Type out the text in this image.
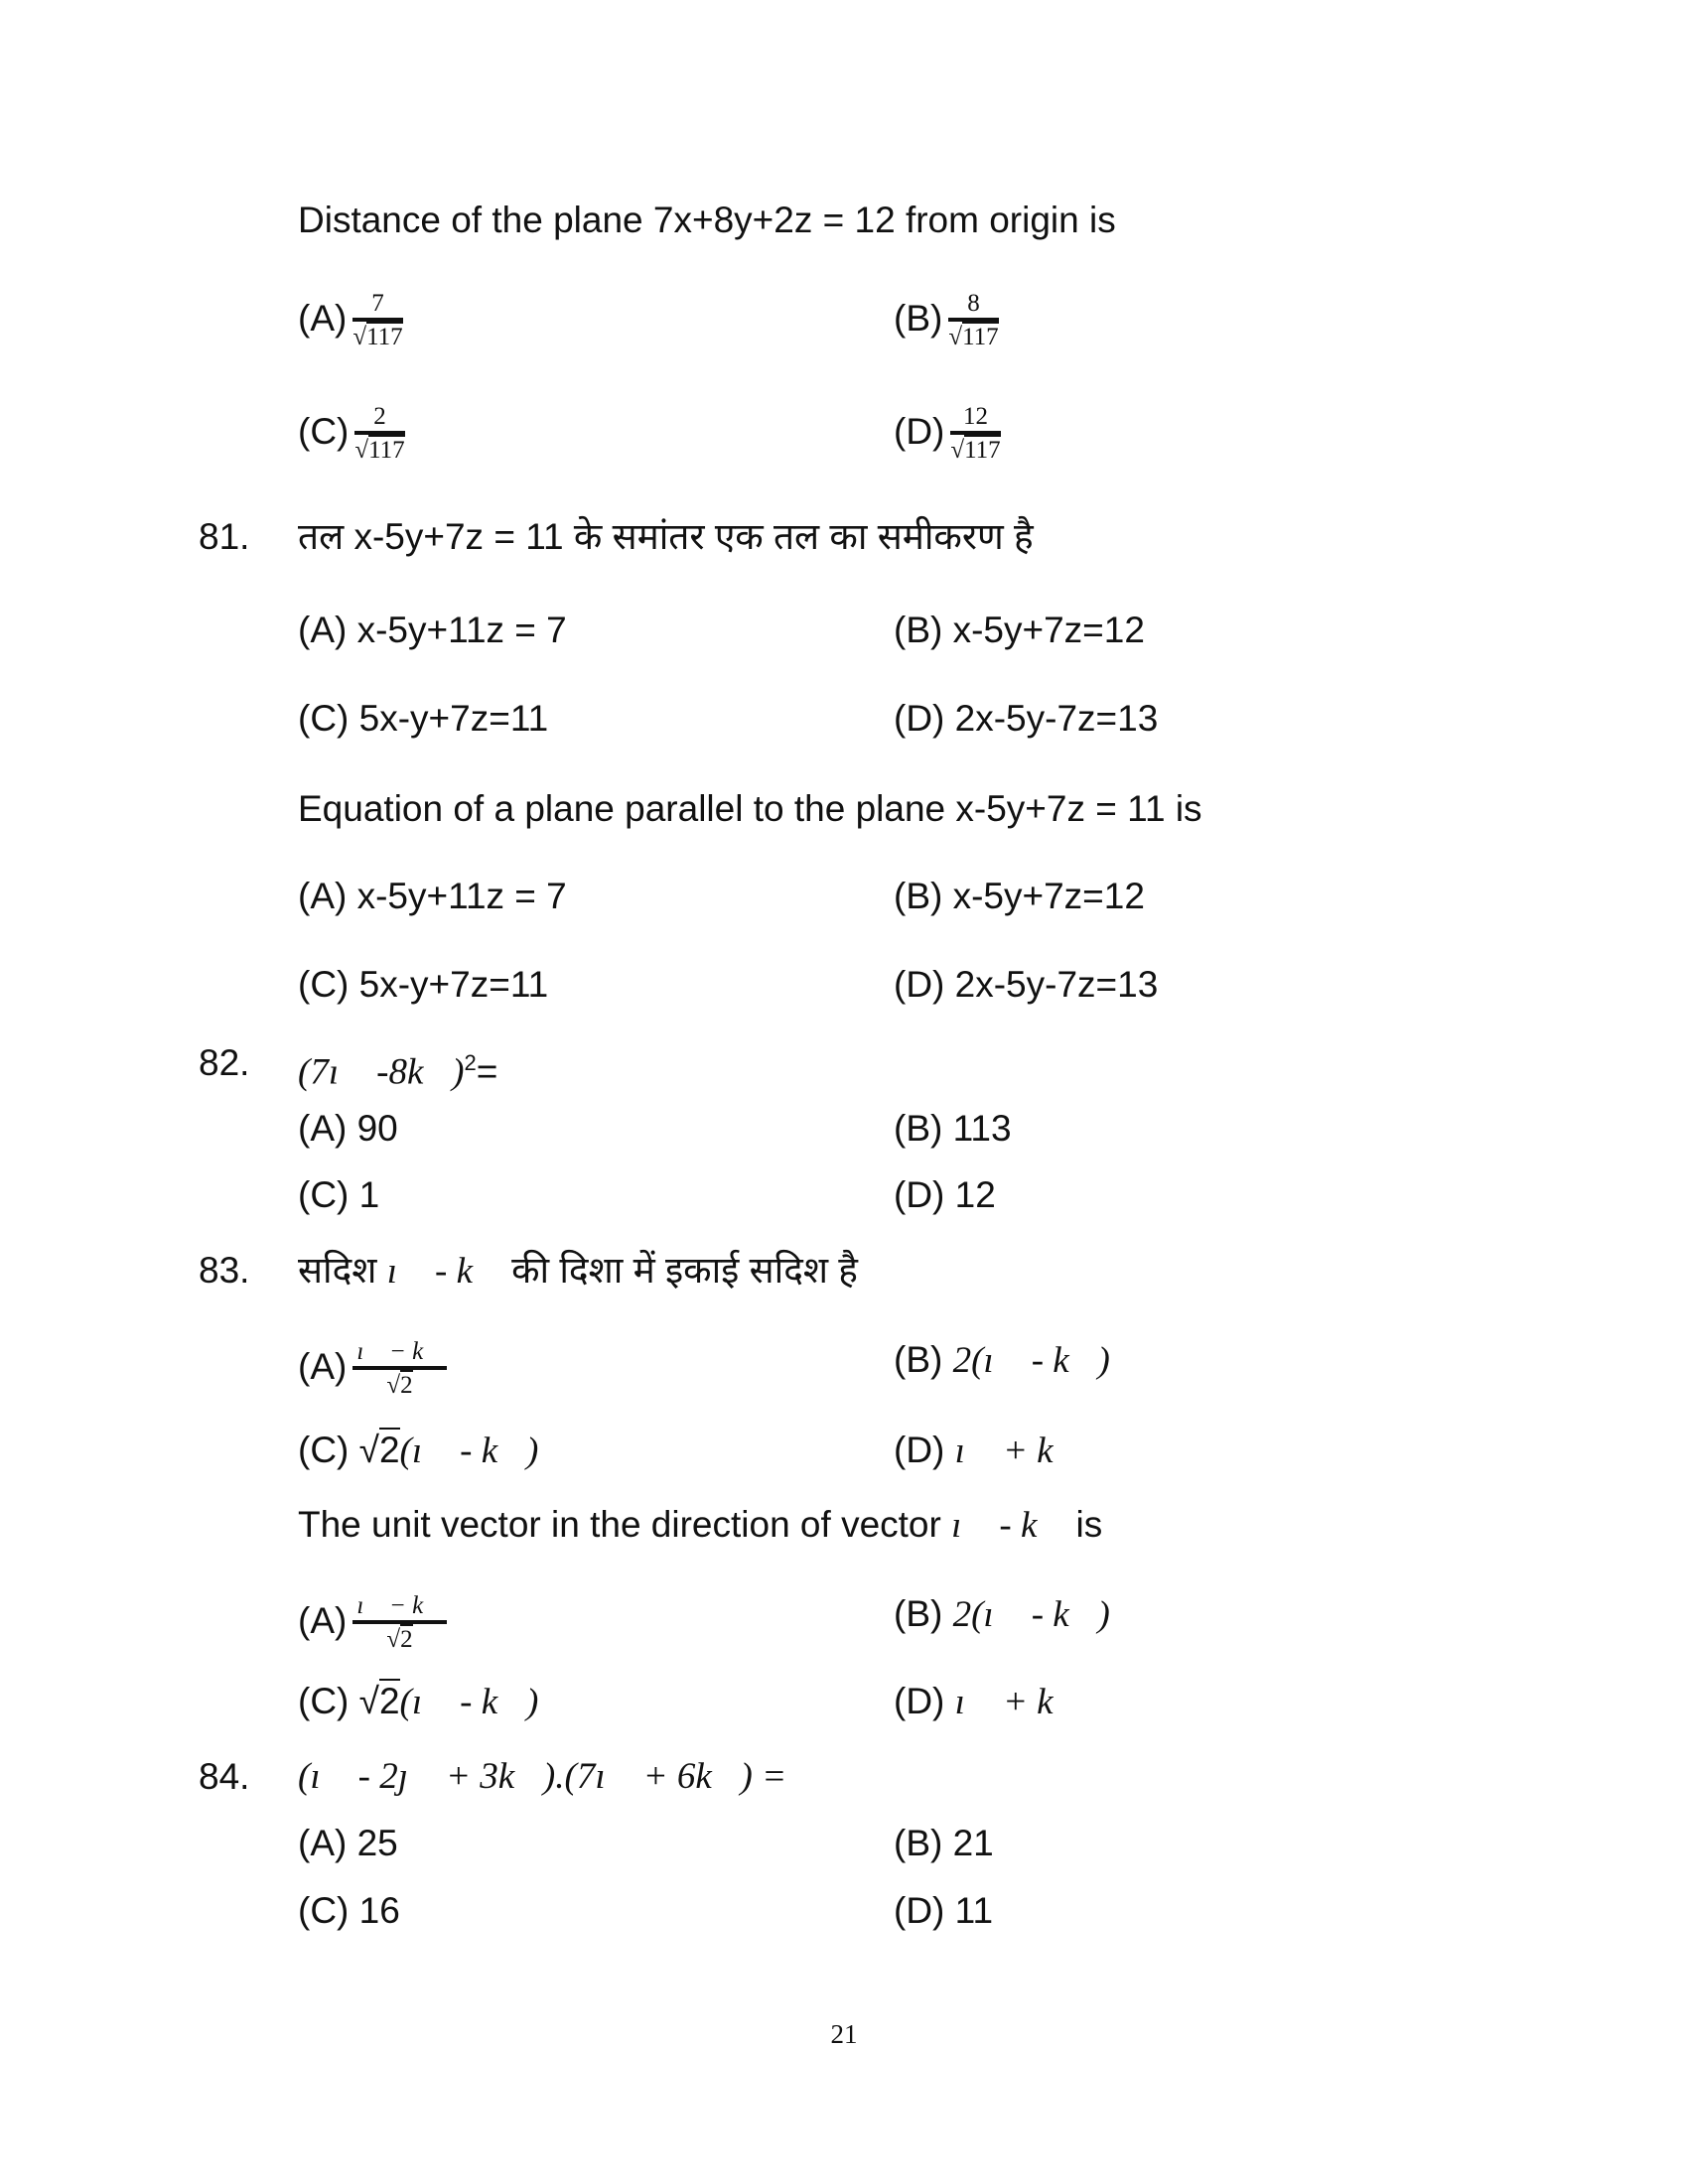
Distance of the plane 7x+8y+2z = 12 from origin is
$(A) \frac{7}{√117}$	$(B) \frac{8}{√117}$
$(C) \frac{2}{√117}$	$(D) \frac{12}{√117}$
81. तल x-5y+7z = 11 के समांतर एक तल का समीकरण है
(A) x-5y+11z = 7	(B) x-5y+7z=12
(C) 5x-y+7z=11	(D) 2x-5y-7z=13
Equation of a plane parallel to the plane x-5y+7z = 11 is
(A) x-5y+11z = 7	(B) x-5y+7z=12
(C) 5x-y+7z=11	(D) 2x-5y-7z=13
82. (7ı⃗ -8k⃗)$^2$=
(A) 90	(B) 113
(C) 1	(D) 12
83. सदिश ı⃗ - k⃗ की दिशा में इकाई सदिश है
$(A) \frac{ı⃗ - k⃗}{√2}$	(B) 2(ı⃗ - k⃗)
(C) √2(ı⃗ - k⃗)	(D) ı⃗ + k⃗
The unit vector in the direction of vector ı⃗ - k⃗ is
$(A) \frac{ı⃗ - k⃗}{√2}$	(B) 2(ı⃗ - k⃗)
(C) √2(ı⃗ - k⃗)	(D) ı⃗ + k⃗
84. (ı⃗ - 2ȷ⃗ + 3k⃗).(7ı⃗ + 6k⃗) =
(A) 25	(B) 21
(C) 16	(D) 11
21
